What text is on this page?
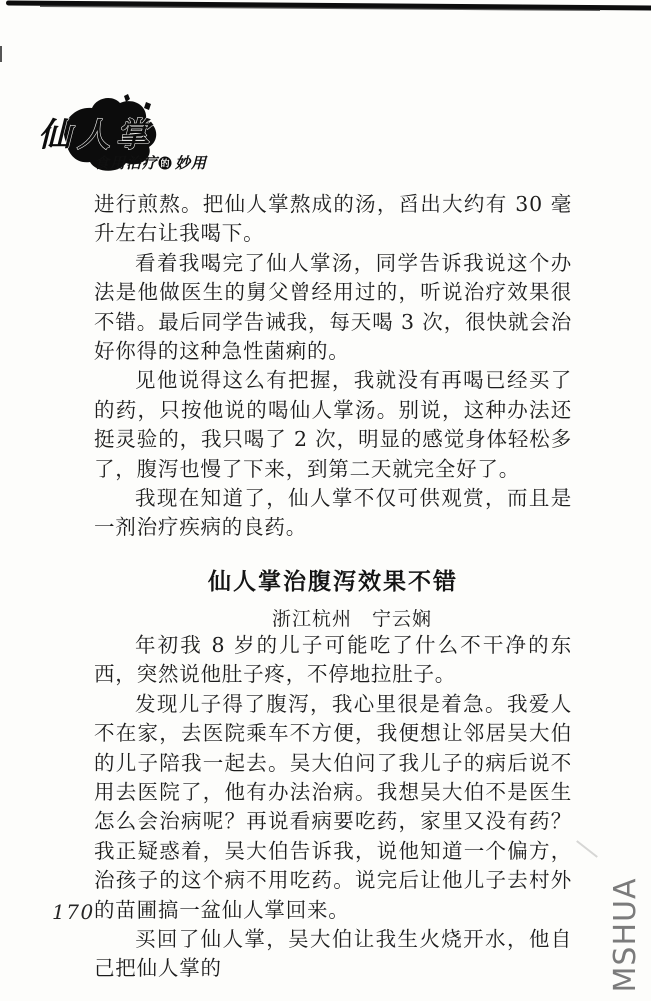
仙人掌
食用治疗 的 妙用

进行煎熬。把仙人掌熬成的汤，舀出大约有 30 毫升左右让我喝下。

看着我喝完了仙人掌汤，同学告诉我说这个办法是他做医生的舅父曾经用过的，听说治疗效果很不错。最后同学告诫我，每天喝 3 次，很快就会治好你得的这种急性菌痢的。

见他说得这么有把握，我就没有再喝已经买了的药，只按他说的喝仙人掌汤。别说，这种办法还挺灵验的，我只喝了 2 次，明显的感觉身体轻松多了，腹泻也慢了下来，到第二天就完全好了。

我现在知道了，仙人掌不仅可供观赏，而且是一剂治疗疾病的良药。

仙人掌治腹泻效果不错

浙江杭州　宁云娴

年初我 8 岁的儿子可能吃了什么不干净的东西，突然说他肚子疼，不停地拉肚子。

发现儿子得了腹泻，我心里很是着急。我爱人不在家，去医院乘车不方便，我便想让邻居吴大伯的儿子陪我一起去。吴大伯问了我儿子的病后说不用去医院了，他有办法治病。我想吴大伯不是医生怎么会治病呢？再说看病要吃药，家里又没有药？我正疑惑着，吴大伯告诉我，说他知道一个偏方，治孩子的这个病不用吃药。说完后让他儿子去村外的苗圃搞一盆仙人掌回来。

买回了仙人掌，吴大伯让我生火烧开水，他自己把仙人掌的

170	MSHUA
